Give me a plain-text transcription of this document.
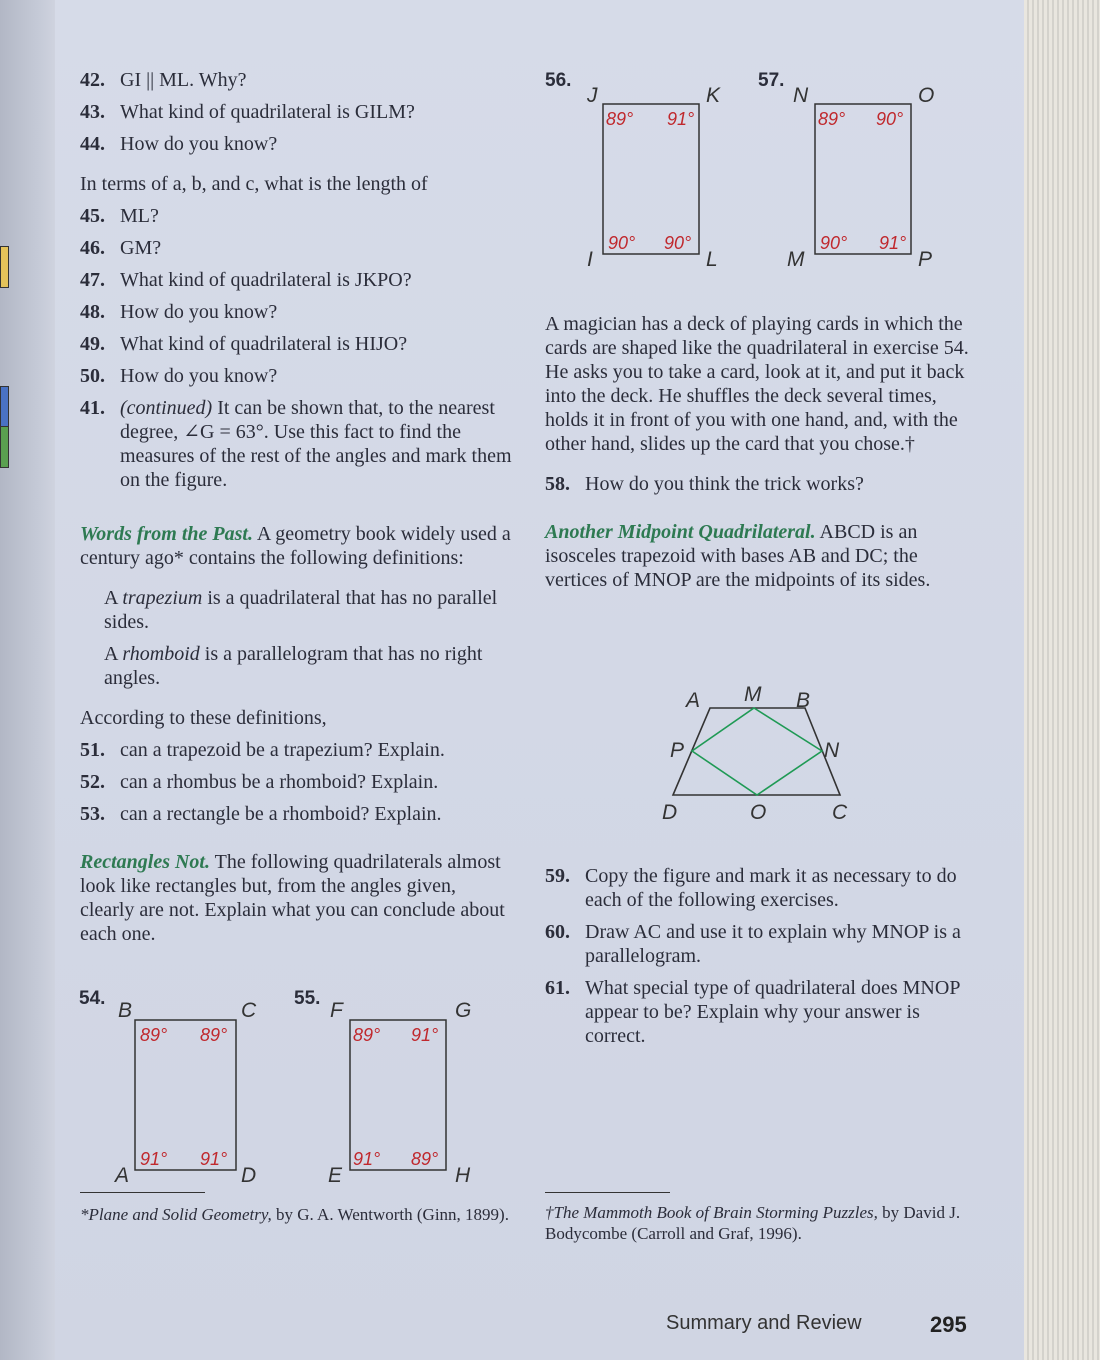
42. GI || ML. Why?
43. What kind of quadrilateral is GILM?
44. How do you know?

In terms of a, b, and c, what is the length of

45. ML?
46. GM?
47. What kind of quadrilateral is JKPO?
48. How do you know?
49. What kind of quadrilateral is HIJO?
50. How do you know?
41. (continued) It can be shown that, to the nearest degree, ∠G = 63°. Use this fact to find the measures of the rest of the angles and mark them on the figure.

Words from the Past. A geometry book widely used a century ago* contains the following definitions:

A trapezium is a quadrilateral that has no parallel sides.

A rhomboid is a parallelogram that has no right angles.

According to these definitions,

51. can a trapezoid be a trapezium? Explain.
52. can a rhombus be a rhomboid? Explain.
53. can a rectangle be a rhomboid? Explain.

Rectangles Not. The following quadrilaterals almost look like rectangles but, from the angles given, clearly are not. Explain what you can conclude about each one.

54.
B	C
D
A
89° 89°
91° 91°
55.
F	G
H
E
89° 91°
91° 89°
*Plane and Solid Geometry, by G. A. Wentworth (Ginn, 1899).
56.
J	K
L
I
89° 91°
90° 90°
57.
N	O
P
M
89° 90°
90° 91°

A magician has a deck of playing cards in which the cards are shaped like the quadrilateral in exercise 54. He asks you to take a card, look at it, and put it back into the deck. He shuffles the deck several times, holds it in front of you with one hand, and, with the other hand, slides up the card that you chose.†

58. How do you think the trick works?

Another Midpoint Quadrilateral. ABCD is an isosceles trapezoid with bases AB and DC; the vertices of MNOP are the midpoints of its sides.

A M B
P	N
D	O	C
59. Copy the figure and mark it as necessary to do each of the following exercises.
60. Draw AC and use it to explain why MNOP is a parallelogram.
61. What special type of quadrilateral does MNOP appear to be? Explain why your answer is correct.
†The Mammoth Book of Brain Storming Puzzles, by David J. Bodycombe (Carroll and Graf, 1996).
Summary and Review	295
